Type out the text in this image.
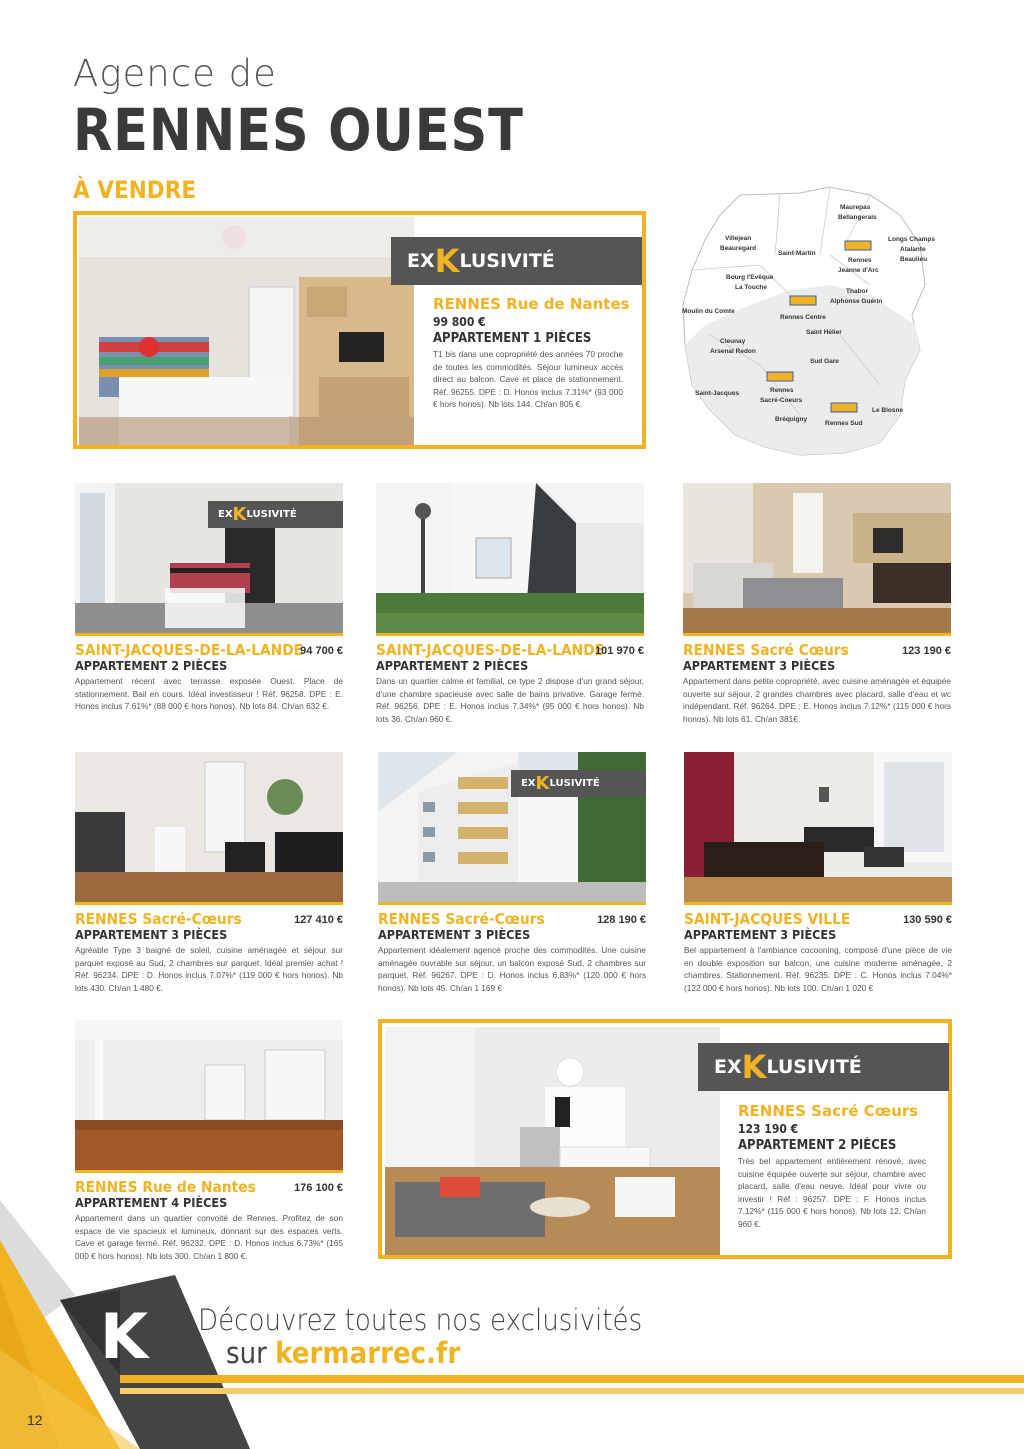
Agence de
RENNES OUEST
À VENDRE
EX K LUSIVITÉ
RENNES Rue de Nantes
99 800 €
APPARTEMENT 1 PIÈCES
T1 bis dans une copropriété des années 70 proche de toutes les commodités. Séjour lumineux accès direct au balcon. Cave et place de stationnement. Réf. 96255. DPE : D. Honos inclus 7.31%* (93 000 € hors honos). Nb lots 144. Ch/an 805 €.
Maurepas
Bellangerais
Villejean
Beauregard
Saint-Martin
Longs Champs
Atalante
Beaulieu
Rennes
Jeanne d'Arc
Bourg l'Evêque
La Touche
Thabor
Alphonse Guérin
Moulin du Comte
Rennes Centre
Saint Hélier
Cleunay
Arsenal Redon
Sud Gare
Saint-Jacques	Rennes
Sacré-Coeurs
Le Blosne
Bréquigny
Rennes Sud
EX K LUSIVITÉ
SAINT-JACQUES-DE-LA-LANDE
94 700 €
APPARTEMENT 2 PIÈCES
Appartement récent avec terrasse exposée Ouest. Place de stationnement. Bail en cours. Idéal investisseur ! Réf. 96258. DPE : E. Honos inclus 7.61%* (88 000 € hors honos). Nb lots 84. Ch/an 632 €.
SAINT-JACQUES-DE-LA-LANDE
101 970 €
APPARTEMENT 2 PIÈCES
Dans un quartier calme et familial, ce type 2 dispose d'un grand séjour, d'une chambre spacieuse avec salle de bains privative. Garage fermé. Réf. 96256. DPE : E. Honos inclus 7.34%* (95 000 € hors honos). Nb lots 36. Ch/an 960 €.
RENNES Sacré Cœurs	123 190 €
APPARTEMENT 3 PIÈCES
Appartement dans petite copropriété, avec cuisine aménagée et équipée ouverte sur séjour, 2 grandes chambres avec placard, salle d'eau et wc indépendant. Réf. 96264. DPE : E. Honos inclus 7.12%* (115 000 € hors honos). Nb lots 61. Ch/an 381€.
EX K LUSIVITÉ
RENNES Sacré-Cœurs	127 410 €
APPARTEMENT 3 PIÈCES
Agréable Type 3 baigné de soleil, cuisine aménagée et séjour sur parquet exposé au Sud, 2 chambres sur parquet. Idéal premier achat ! Réf. 96234. DPE : D. Honos inclus 7.07%* (119 000 € hors honos). Nb lots 430. Ch/an 1 480 €.
RENNES Sacré-Cœurs	128 190 €
APPARTEMENT 3 PIÈCES
Appartement idéalement agencé proche des commodités. Une cuisine aménagée ouvrable sur séjour, un balcon exposé Sud, 2 chambres sur parquet. Réf. 96267. DPE : D. Honos inclus 6.83%* (120 000 € hors honos). Nb lots 45. Ch/an 1 169 €
SAINT-JACQUES VILLE	130 590 €
APPARTEMENT 3 PIÈCES
Bel appartement à l'ambiance cocooning, composé d'une pièce de vie en double exposition sur balcon, une cuisine moderne aménagée, 2 chambres. Stationnement. Réf. 96235. DPE : C. Honos inclus 7.04%* (122 000 € hors honos). Nb lots 100. Ch/an 1 020 €
RENNES Rue de Nantes	176 100 €
APPARTEMENT 4 PIÈCES
Appartement dans un quartier convoité de Rennes. Profitez de son espace de vie spacieux et lumineux, donnant sur des espaces verts. Cave et garage fermé. Réf. 96232. DPE : D. Honos inclus 6.73%* (165 000 € hors honos). Nb lots 300. Ch/an 1 800 €.
EX K LUSIVITÉ
RENNES Sacré Cœurs
123 190 €
APPARTEMENT 2 PIÈCES
Très bel appartement entièrement rénové, avec cuisine équipée ouverte sur séjour, chambre avec placard, salle d'eau neuve. Idéal pour vivre ou investir ! Réf : 96257. DPE : F. Honos inclus 7.12%* (115 000 € hors honos). Nb lots 12. Ch/an 960 €.
K Découvrez toutes nos exclusivités
sur kermarrec.fr
12
